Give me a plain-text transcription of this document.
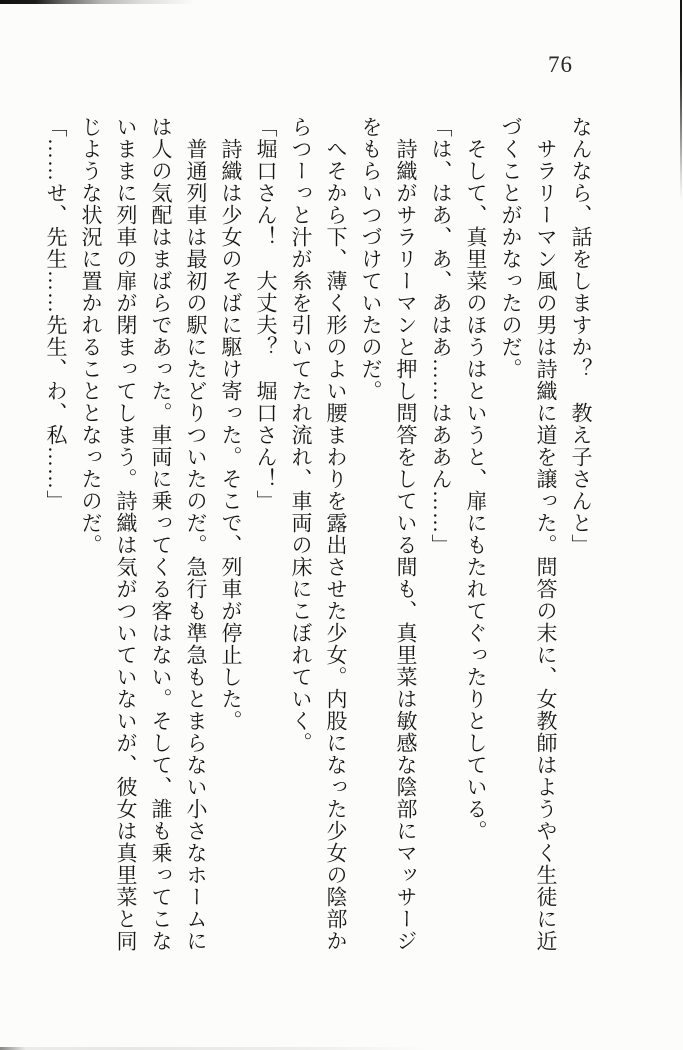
76

なんなら、話をしますか？　教え子さんと」

　サラリーマン風の男は詩織に道を譲った。問答の末に、女教師はようやく生徒に近

づくことがかなったのだ。

　そして、真里菜のほうはというと、扉にもたれてぐったりとしている。

「は、はあ、あ、あはあ……はああん……」

　詩織がサラリーマンと押し問答をしている間も、真里菜は敏感な陰部にマッサージ

をもらいつづけていたのだ。

　へそから下、薄く形のよい腰まわりを露出させた少女。内股になった少女の陰部か

らつーっと汁が糸を引いてたれ流れ、車両の床にこぼれていく。

「堀口さん！　大丈夫？　堀口さん！」

　詩織は少女のそばに駆け寄った。そこで、列車が停止した。

　普通列車は最初の駅にたどりついたのだ。急行も準急もとまらない小さなホームに

は人の気配はまばらであった。車両に乗ってくる客はない。そして、誰も乗ってこな

いままに列車の扉が閉まってしまう。詩織は気がついていないが、彼女は真里菜と同

じような状況に置かれることとなったのだ。

「……せ、先生……先生、わ、私……」
